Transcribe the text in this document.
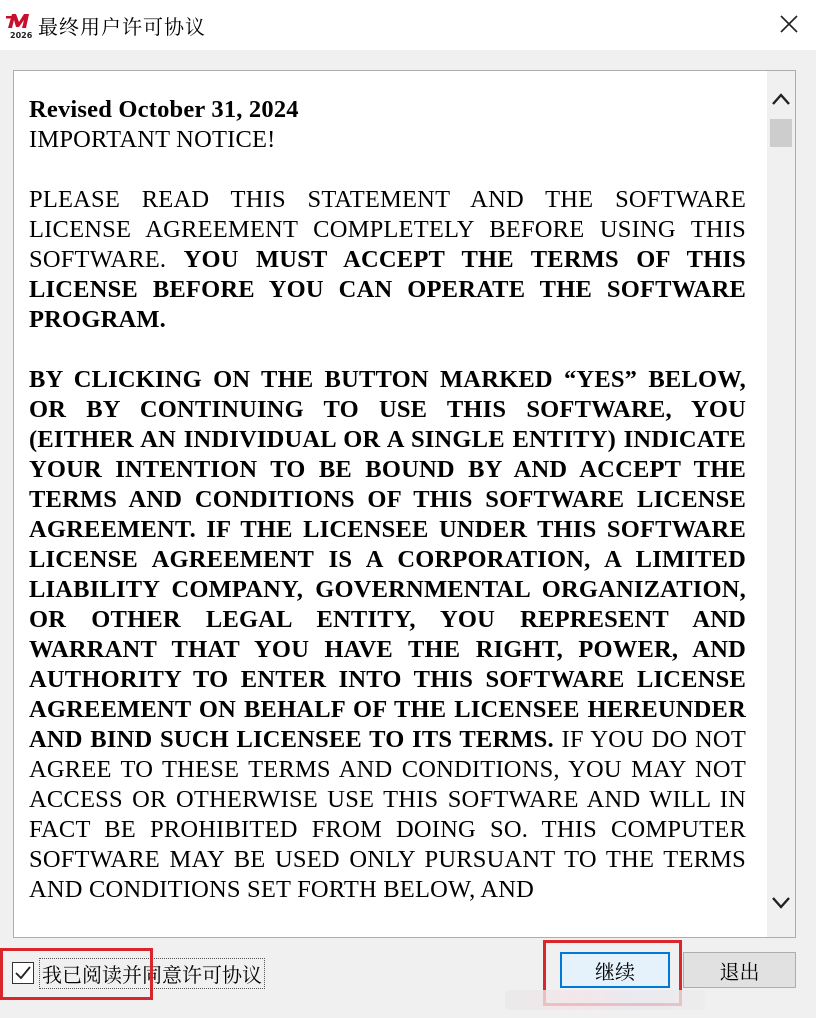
2026 最终用户许可协议
Revised October 31, 2024

IMPORTANT NOTICE!

PLEASE READ THIS STATEMENT AND THE SOFTWARE LICENSE AGREEMENT COMPLETELY BEFORE USING THIS SOFTWARE. YOU MUST ACCEPT THE TERMS OF THIS LICENSE BEFORE YOU CAN OPERATE THE SOFTWARE PROGRAM.

BY CLICKING ON THE BUTTON MARKED “YES” BELOW, OR BY CONTINUING TO USE THIS SOFTWARE, YOU (EITHER AN INDIVIDUAL OR A SINGLE ENTITY) INDICATE YOUR INTENTION TO BE BOUND BY AND ACCEPT THE TERMS AND CONDITIONS OF THIS SOFTWARE LICENSE AGREEMENT. IF THE LICENSEE UNDER THIS SOFTWARE LICENSE AGREEMENT IS A CORPORATION, A LIMITED LIABILITY COMPANY, GOVERNMENTAL ORGANIZATION, OR OTHER LEGAL ENTITY, YOU REPRESENT AND WARRANT THAT YOU HAVE THE RIGHT, POWER, AND AUTHORITY TO ENTER INTO THIS SOFTWARE LICENSE AGREEMENT ON BEHALF OF THE LICENSEE HEREUNDER AND BIND SUCH LICENSEE TO ITS TERMS. IF YOU DO NOT AGREE TO THESE TERMS AND CONDITIONS, YOU MAY NOT ACCESS OR OTHERWISE USE THIS SOFTWARE AND WILL IN FACT BE PROHIBITED FROM DOING SO. THIS COMPUTER SOFTWARE MAY BE USED ONLY PURSUANT TO THE TERMS AND CONDITIONS SET FORTH BELOW, AND

我已阅读并同意许可协议	继续	退出
